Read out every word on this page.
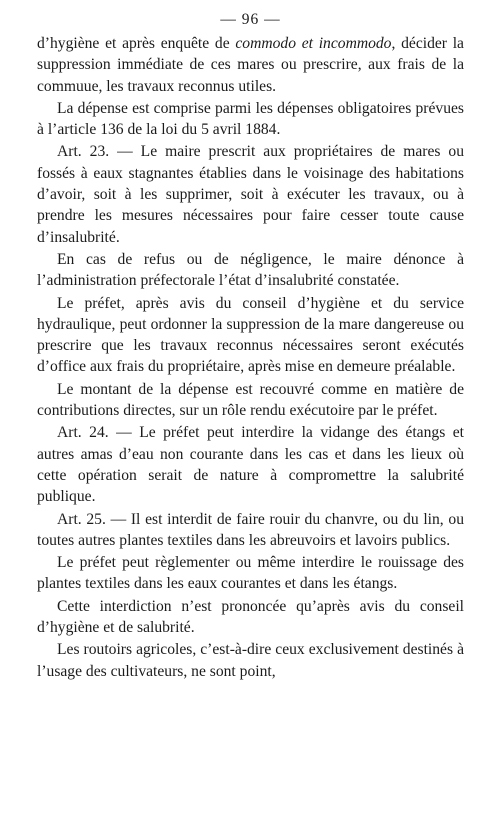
— 96 —

d’hygiène et après enquête de commodo et incommodo, décider la suppression immédiate de ces mares ou prescrire, aux frais de la commuue, les travaux reconnus utiles.

La dépense est comprise parmi les dépenses obligatoires prévues à l’article 136 de la loi du 5 avril 1884.

Art. 23. — Le maire prescrit aux propriétaires de mares ou fossés à eaux stagnantes établies dans le voisinage des habitations d’avoir, soit à les supprimer, soit à exécuter les travaux, ou à prendre les mesures nécessaires pour faire cesser toute cause d’insalubrité.

En cas de refus ou de négligence, le maire dénonce à l’administration préfectorale l’état d’insalubrité constatée.

Le préfet, après avis du conseil d’hygiène et du service hydraulique, peut ordonner la suppression de la mare dangereuse ou prescrire que les travaux reconnus nécessaires seront exécutés d’office aux frais du propriétaire, après mise en demeure préalable.

Le montant de la dépense est recouvré comme en matière de contributions directes, sur un rôle rendu exécutoire par le préfet.

Art. 24. — Le préfet peut interdire la vidange des étangs et autres amas d’eau non courante dans les cas et dans les lieux où cette opération serait de nature à compromettre la salubrité publique.

Art. 25. — Il est interdit de faire rouir du chanvre, ou du lin, ou toutes autres plantes textiles dans les abreuvoirs et lavoirs publics.

Le préfet peut règlementer ou même interdire le rouissage des plantes textiles dans les eaux courantes et dans les étangs.

Cette interdiction n’est prononcée qu’après avis du conseil d’hygiène et de salubrité.

Les routoirs agricoles, c’est-à-dire ceux exclusivement destinés à l’usage des cultivateurs, ne sont point,
